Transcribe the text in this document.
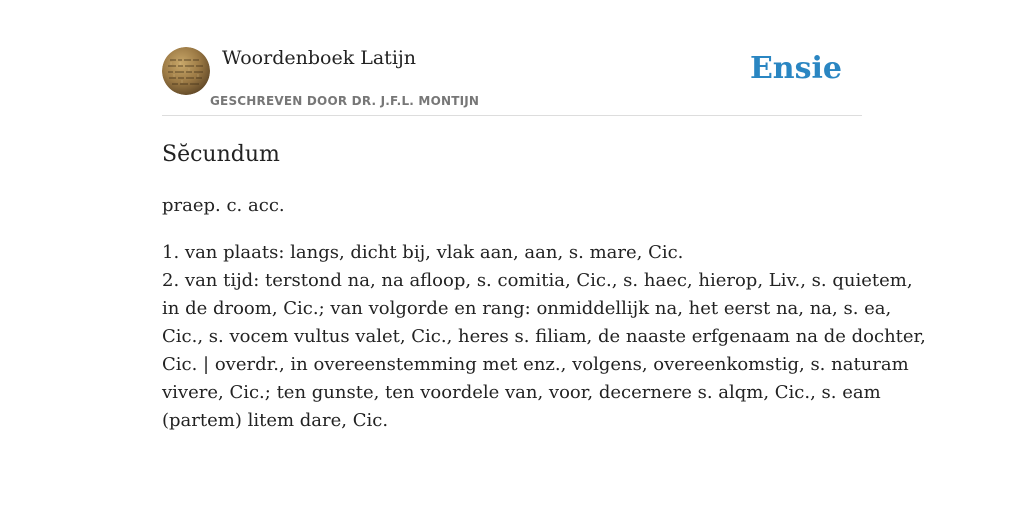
Woordenboek Latijn
GESCHREVEN DOOR DR. J.F.L. MONTIJN
Ensie
Sĕcundum
praep. c. acc.
1. van plaats: langs, dicht bij, vlak aan, aan, s. mare, Cic.
2. van tijd: terstond na, na afloop, s. comitia, Cic., s. haec, hierop, Liv., s. quietem,
in de droom, Cic.; van volgorde en rang: onmiddellijk na, het eerst na, na, s. ea,
Cic., s. vocem vultus valet, Cic., heres s. filiam, de naaste erfgenaam na de dochter,
Cic. | overdr., in overeenstemming met enz., volgens, overeenkomstig, s. naturam
vivere, Cic.; ten gunste, ten voordele van, voor, decernere s. alqm, Cic., s. eam
(partem) litem dare, Cic.
